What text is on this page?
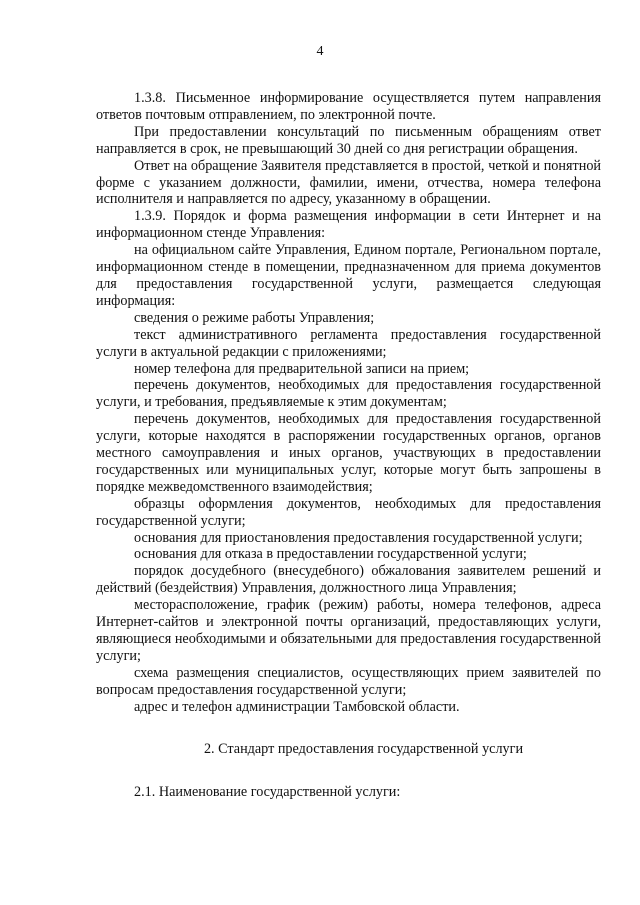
4

1.3.8. Письменное информирование осуществляется путем направления ответов почтовым отправлением, по электронной почте.

При предоставлении консультаций по письменным обращениям ответ направляется в срок, не превышающий 30 дней со дня регистрации обращения.

Ответ на обращение Заявителя представляется в простой, четкой и понятной форме с указанием должности, фамилии, имени, отчества, номера телефона исполнителя и направляется по адресу, указанному в обращении.

1.3.9. Порядок и форма размещения информации в сети Интернет и на информационном стенде Управления:

на официальном сайте Управления, Едином портале, Региональном портале, информационном стенде в помещении, предназначенном для приема документов для предоставления государственной услуги, размещается следующая информация:

сведения о режиме работы Управления;

текст административного регламента предоставления государственной услуги в актуальной редакции с приложениями;

номер телефона для предварительной записи на прием;

перечень документов, необходимых для предоставления государственной услуги, и требования, предъявляемые к этим документам;

перечень документов, необходимых для предоставления государственной услуги, которые находятся в распоряжении государственных органов, органов местного самоуправления и иных органов, участвующих в предоставлении государственных или муниципальных услуг, которые могут быть запрошены в порядке межведомственного взаимодействия;

образцы оформления документов, необходимых для предоставления государственной услуги;

основания для приостановления предоставления государственной услуги;

основания для отказа в предоставлении государственной услуги;

порядок досудебного (внесудебного) обжалования заявителем решений и действий (бездействия) Управления, должностного лица Управления;

месторасположение, график (режим) работы, номера телефонов, адреса Интернет-сайтов и электронной почты организаций, предоставляющих услуги, являющиеся необходимыми и обязательными для предоставления государственной услуги;

схема размещения специалистов, осуществляющих прием заявителей по вопросам предоставления государственной услуги;

адрес и телефон администрации Тамбовской области.

2. Стандарт предоставления государственной услуги

2.1. Наименование государственной услуги:
